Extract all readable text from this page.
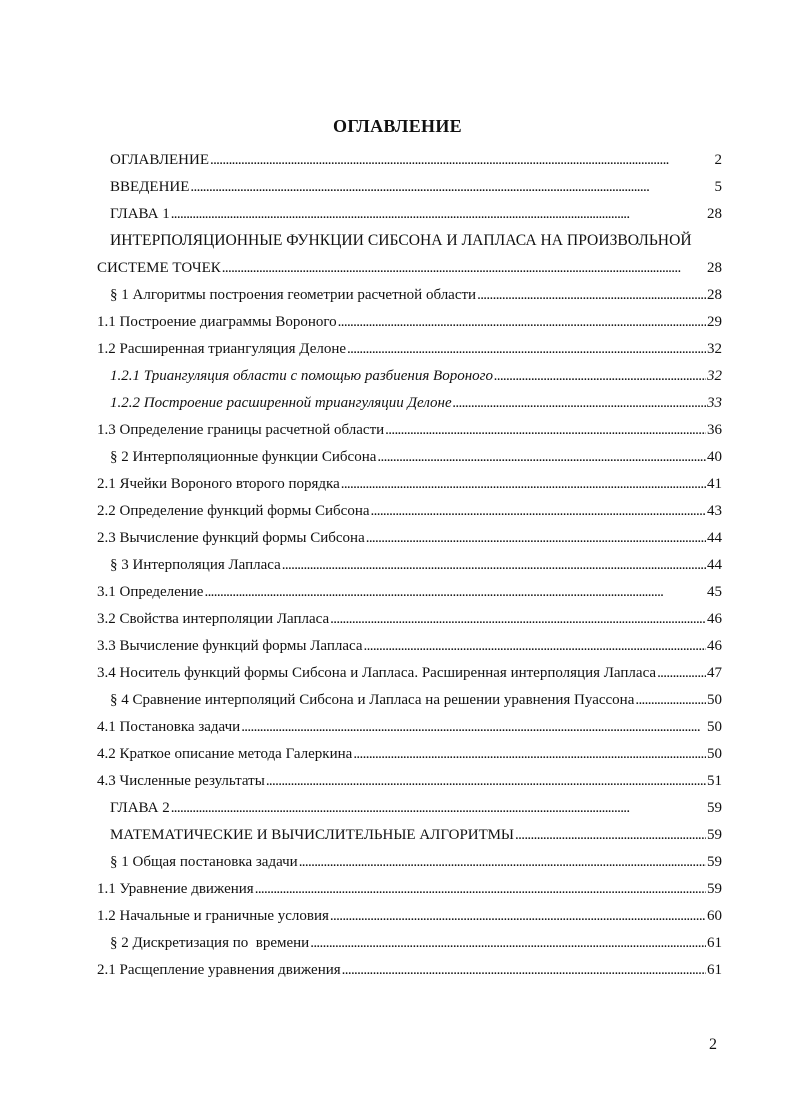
ОГЛАВЛЕНИЕ
ОГЛАВЛЕНИЕ . . .	2
ВВЕДЕНИЕ . . .	5
ГЛАВА 1 . . .	28
ИНТЕРПОЛЯЦИОННЫЕ ФУНКЦИИ СИБСОНА И ЛАПЛАСА НА ПРОИЗВОЛЬНОЙ
СИСТЕМЕ ТОЧЕК . . .	28
§ 1 Алгоритмы построения геометрии расчетной области . . .	28
1.1 Построение диаграммы Вороного . . .	29
1.2 Расширенная триангуляция Делоне . . .	32
1.2.1 Триангуляция области с помощью разбиения Вороного . . .	32
1.2.2 Построение расширенной триангуляции Делоне . . .	33
1.3 Определение границы расчетной области . . .	36
§ 2 Интерполяционные функции Сибсона . . .	40
2.1 Ячейки Вороного второго порядка . . .	41
2.2 Определение функций формы Сибсона . . .	43
2.3 Вычисление функций формы Сибсона . . .	44
§ 3 Интерполяция Лапласа . . .	44
3.1 Определение . . .	45
3.2 Свойства интерполяции Лапласа . . .	46
3.3 Вычисление функций формы Лапласа . . .	46
3.4 Носитель функций формы Сибсона и Лапласа. Расширенная интерполяция Лапласа . . .	47
§ 4 Сравнение интерполяций Сибсона и Лапласа на решении уравнения Пуассона . . .	50
4.1 Постановка задачи . . .	50
4.2 Краткое описание метода Галеркина . . .	50
4.3 Численные результаты . . .	51
ГЛАВА 2 . . .	59
МАТЕМАТИЧЕСКИЕ И ВЫЧИСЛИТЕЛЬНЫЕ АЛГОРИТМЫ . . .	59
§ 1 Общая постановка задачи . . .	59
1.1 Уравнение движения . . .	59
1.2 Начальные и граничные условия . . .	60
§ 2 Дискретизация по  времени . . .	61
2.1 Расщепление уравнения движения . . .	61
2
